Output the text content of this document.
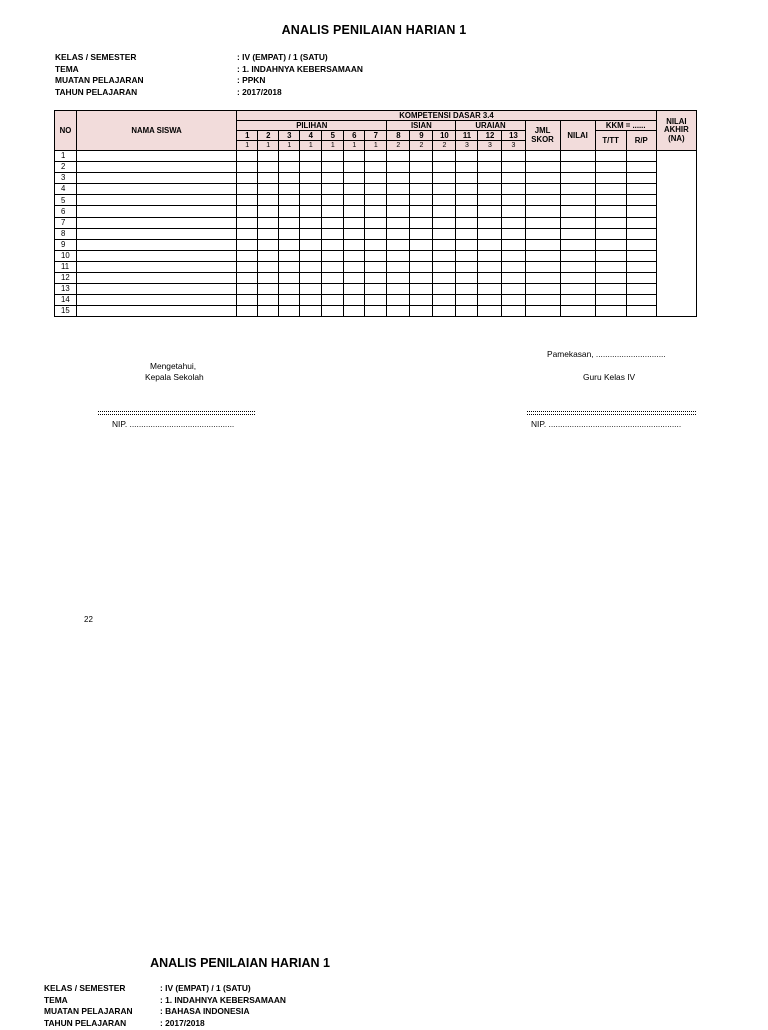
ANALIS PENILAIAN HARIAN 1
KELAS / SEMESTER	: IV (EMPAT) / 1 (SATU)
TEMA	: 1. INDAHNYA KEBERSAMAAN
MUATAN PELAJARAN	: PPKN
TAHUN PELAJARAN	: 2017/2018
NO	NAMA SISWA	KOMPETENSI DASAR 3.4																	NILAI AKHIR (NA)
		PILIHAN							ISIAN			URAIAN			JML SKOR	NILAI	KKM = ......		
		1	2	3	4	5	6	7	8	9	10	11	12	13			T/TT	R/P	
		1	1	1	1	1	1	1	2	2	2	3	3	3					
1																			
2																			
3																			
4																			
5																			
6																			
7																			
8																			
9																			
10																			
11																			
12																			
13																			
14																			
15																			
Mengetahui,
Kepala Sekolah
Pamekasan, ..............................
Guru Kelas IV
NIP. .............................................	NIP. .........................................................
22
ANALIS PENILAIAN HARIAN 1
KELAS / SEMESTER	: IV (EMPAT) / 1 (SATU)
TEMA	: 1. INDAHNYA KEBERSAMAAN
MUATAN PELAJARAN	: BAHASA INDONESIA
TAHUN PELAJARAN	: 2017/2018
